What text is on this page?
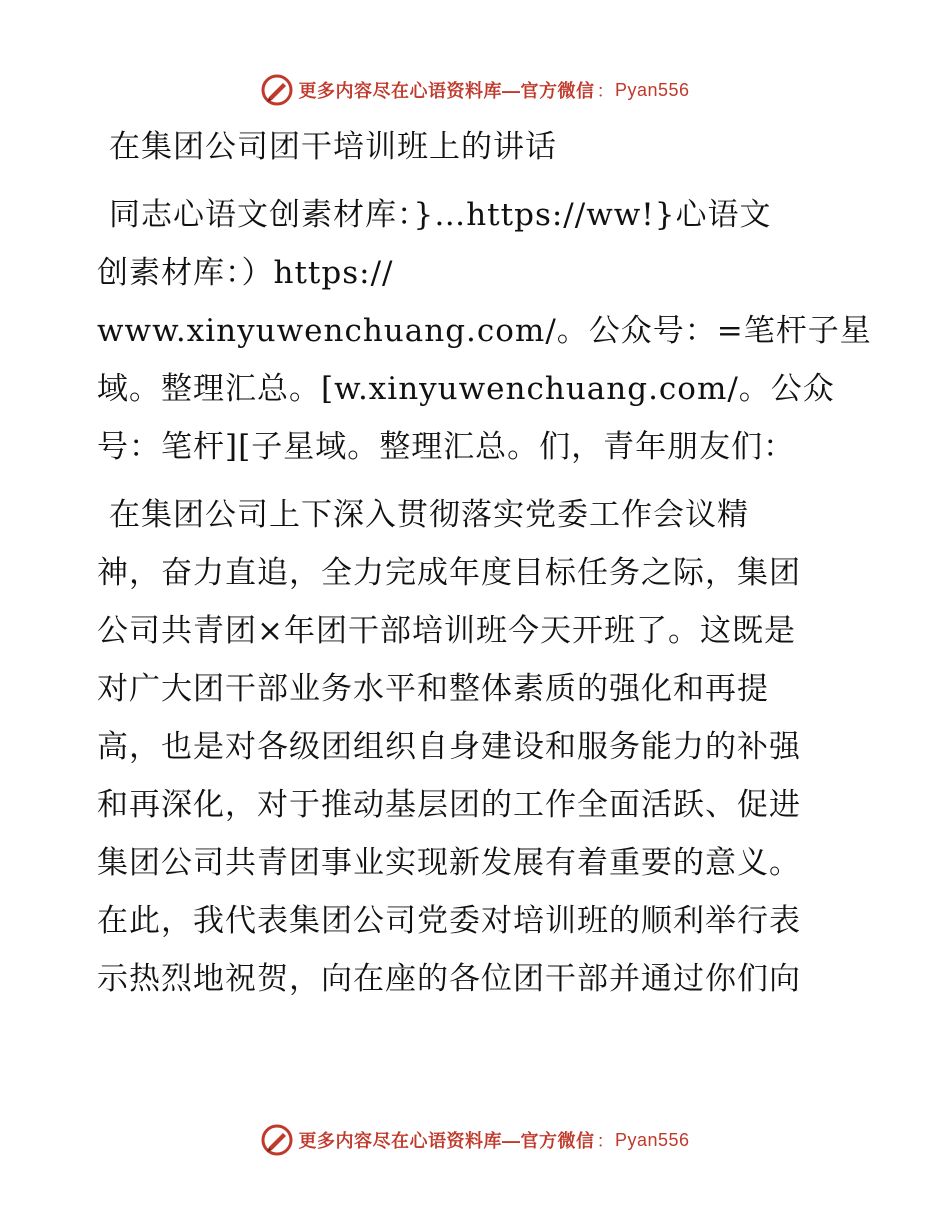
更多内容尽在心语资料库—官方微信 ： Pyan556

在集团公司团干培训班上的讲话

同志心语文创素材库：}…https://ww!}心语文
创素材库：）https://
www.xinyuwenchuang.com/。公众号：=笔杆子星
域。整理汇总。[w.xinyuwenchuang.com/。公众
号：笔杆][子星域。整理汇总。们，青年朋友们：

在集团公司上下深入贯彻落实党委工作会议精
神，奋力直追，全力完成年度目标任务之际，集团
公司共青团×年团干部培训班今天开班了。这既是
对广大团干部业务水平和整体素质的强化和再提
高，也是对各级团组织自身建设和服务能力的补强
和再深化，对于推动基层团的工作全面活跃、促进
集团公司共青团事业实现新发展有着重要的意义。
在此，我代表集团公司党委对培训班的顺利举行表
示热烈地祝贺，向在座的各位团干部并通过你们向

更多内容尽在心语资料库—官方微信 ： Pyan556
